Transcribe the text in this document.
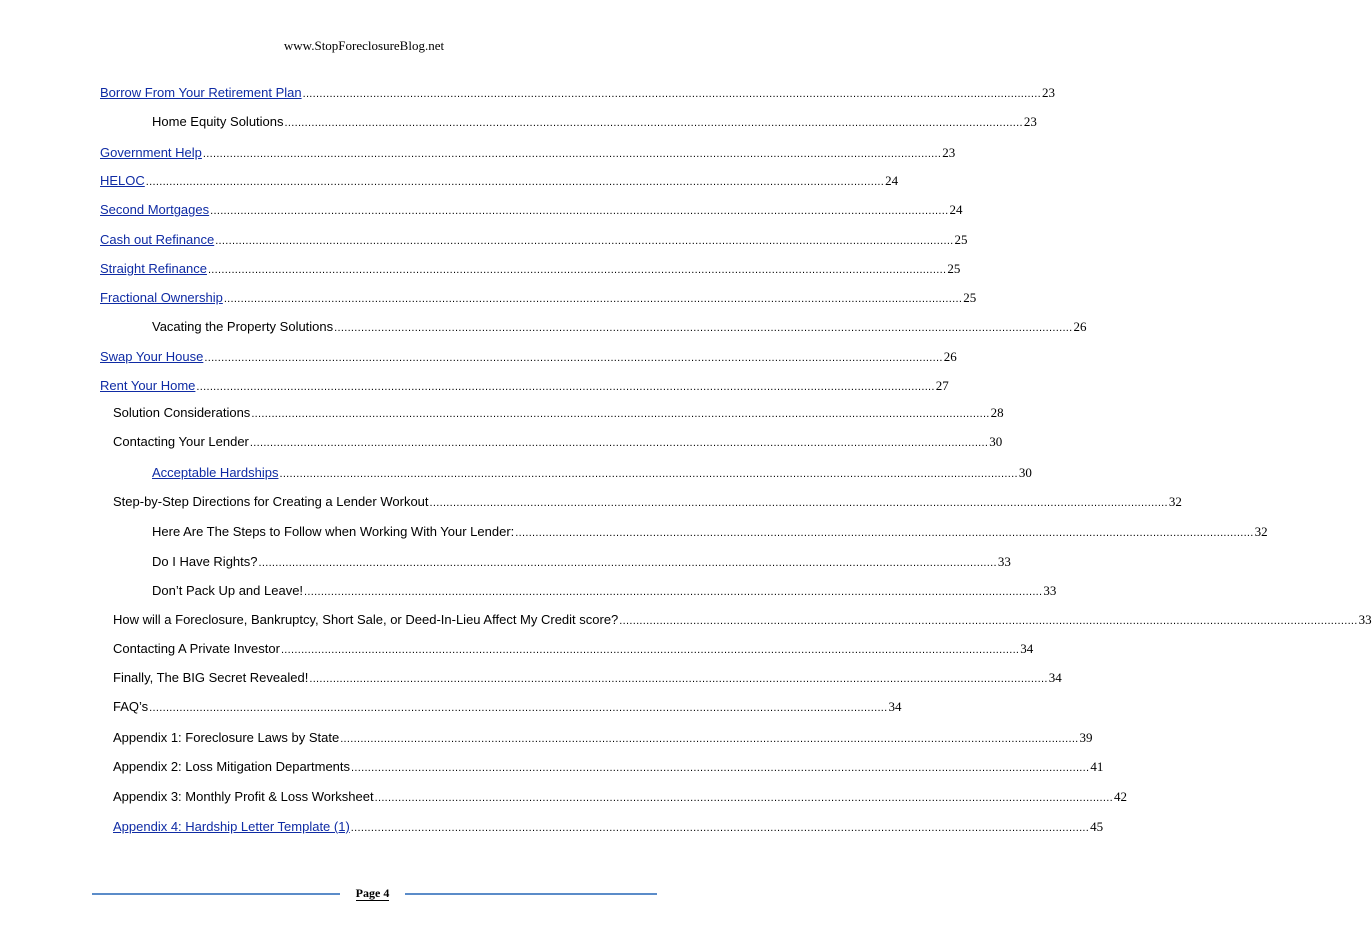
www.StopForeclosureBlog.net
Borrow From Your Retirement Plan ............................................................................................................................................................................................................................ 23
Home Equity Solutions ............................................................................................................................................................................................................................ 23
Government Help ............................................................................................................................................................................................................................ 23
HELOC ............................................................................................................................................................................................................................ 24
Second Mortgages ............................................................................................................................................................................................................................ 24
Cash out Refinance ............................................................................................................................................................................................................................ 25
Straight Refinance ............................................................................................................................................................................................................................ 25
Fractional Ownership ............................................................................................................................................................................................................................ 25
Vacating the Property Solutions ............................................................................................................................................................................................................................ 26
Swap Your House ............................................................................................................................................................................................................................ 26
Rent Your Home ............................................................................................................................................................................................................................ 27
Solution Considerations ............................................................................................................................................................................................................................ 28
Contacting Your Lender ............................................................................................................................................................................................................................ 30
Acceptable Hardships ............................................................................................................................................................................................................................ 30
Step-by-Step Directions for Creating a Lender Workout ............................................................................................................................................................................................................................ 32
Here Are The Steps to Follow when Working With Your Lender: ............................................................................................................................................................................................................................ 32
Do I Have Rights? ............................................................................................................................................................................................................................ 33
Don’t Pack Up and Leave! ............................................................................................................................................................................................................................ 33
How will a Foreclosure, Bankruptcy, Short Sale, or Deed-In-Lieu Affect My Credit score? ............................................................................................................................................................................................................................ 33
Contacting A Private Investor ............................................................................................................................................................................................................................ 34
Finally, The BIG Secret Revealed! ............................................................................................................................................................................................................................ 34
FAQ’s ............................................................................................................................................................................................................................ 34
Appendix 1: Foreclosure Laws by State ............................................................................................................................................................................................................................ 39
Appendix 2: Loss Mitigation Departments ............................................................................................................................................................................................................................ 41
Appendix 3: Monthly Profit & Loss Worksheet ............................................................................................................................................................................................................................ 42
Appendix 4: Hardship Letter Template (1) ............................................................................................................................................................................................................................ 45
Page 4
